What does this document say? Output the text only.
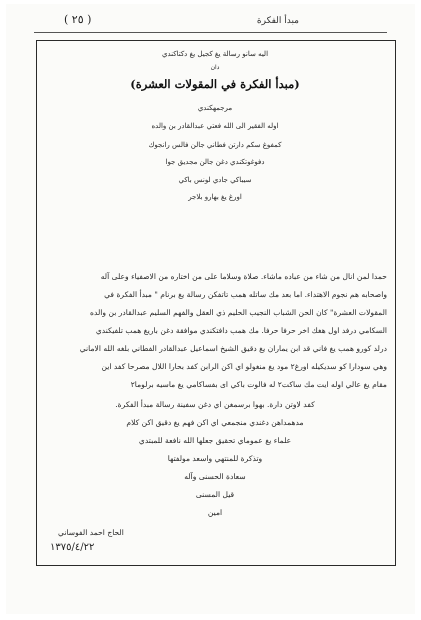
مبدأ الفكرة
( ٢٥ )
اليه سانو رسالة يغ كجيل يغ دكتاكندي
دان
(مبدأ الفكرة في المقولات العشرة)
مرجمهكندي
اوله الفقير الى الله فعتي عبدالقادر بن والده
كمفوغ سكم دارتن فطاني جالن فالس رانجوك
دفوغوتكندي دغن جالن مجديق جوا
سيباكي جادي لونس باكي
اورغ يغ بهارو بلاجر
حمدا لمن انال من شاء من عباده ماشاء. صلاة وسلاما على من اختاره من الاصفياء وعلى آله
واصحابه هم نجوم الاهتداء. اما بعد مك ساتله همب تاتفكن رسالة يغ برنام " مبدأ الفكرة في
المقولات العشرة" كان الحن الشباب النجيب الحليم ذي العقل والفهم السليم عبدالقادر بن والده
السكامي درفد اول هغك اخر حرفا حرفا. مك همب دافتكندي موافقة دغن باريغ همب تلفيكندي
درلد كورو همب يغ فاني قد ابن يماران يغ دقيق الشيخ اسماعيل عبدالقادر الفطاني بلغه الله الاماني
وهي سودارا كو سديكيله اورغ٢ مود يغ منغولو اي اكن الرابن كفد بحارا اللال مصرحا كفد اين
مقام يغ عالي اوله ايت مك ساكت٢ له فالوت باكي اى بفساكامي يغ ماسيه برلوما٢
كفد لاوتن دارة. بهوا برسمغن اي دغن سفينة رسالة مبدأ الفكرة.
مدهمداهن دغندي منجمعي اي اكن فهم يغ دقيق اكن كلام
علماء يغ عموماي تحقيق جعلها الله نافعة للمبتدي
وتذكرة للمنتهي واسعد مولفتها
سعادة الحسنى وآله
قيل المسنى
امين
الحاج احمد الفوساني
١٣٧٥/٤/٢٢
